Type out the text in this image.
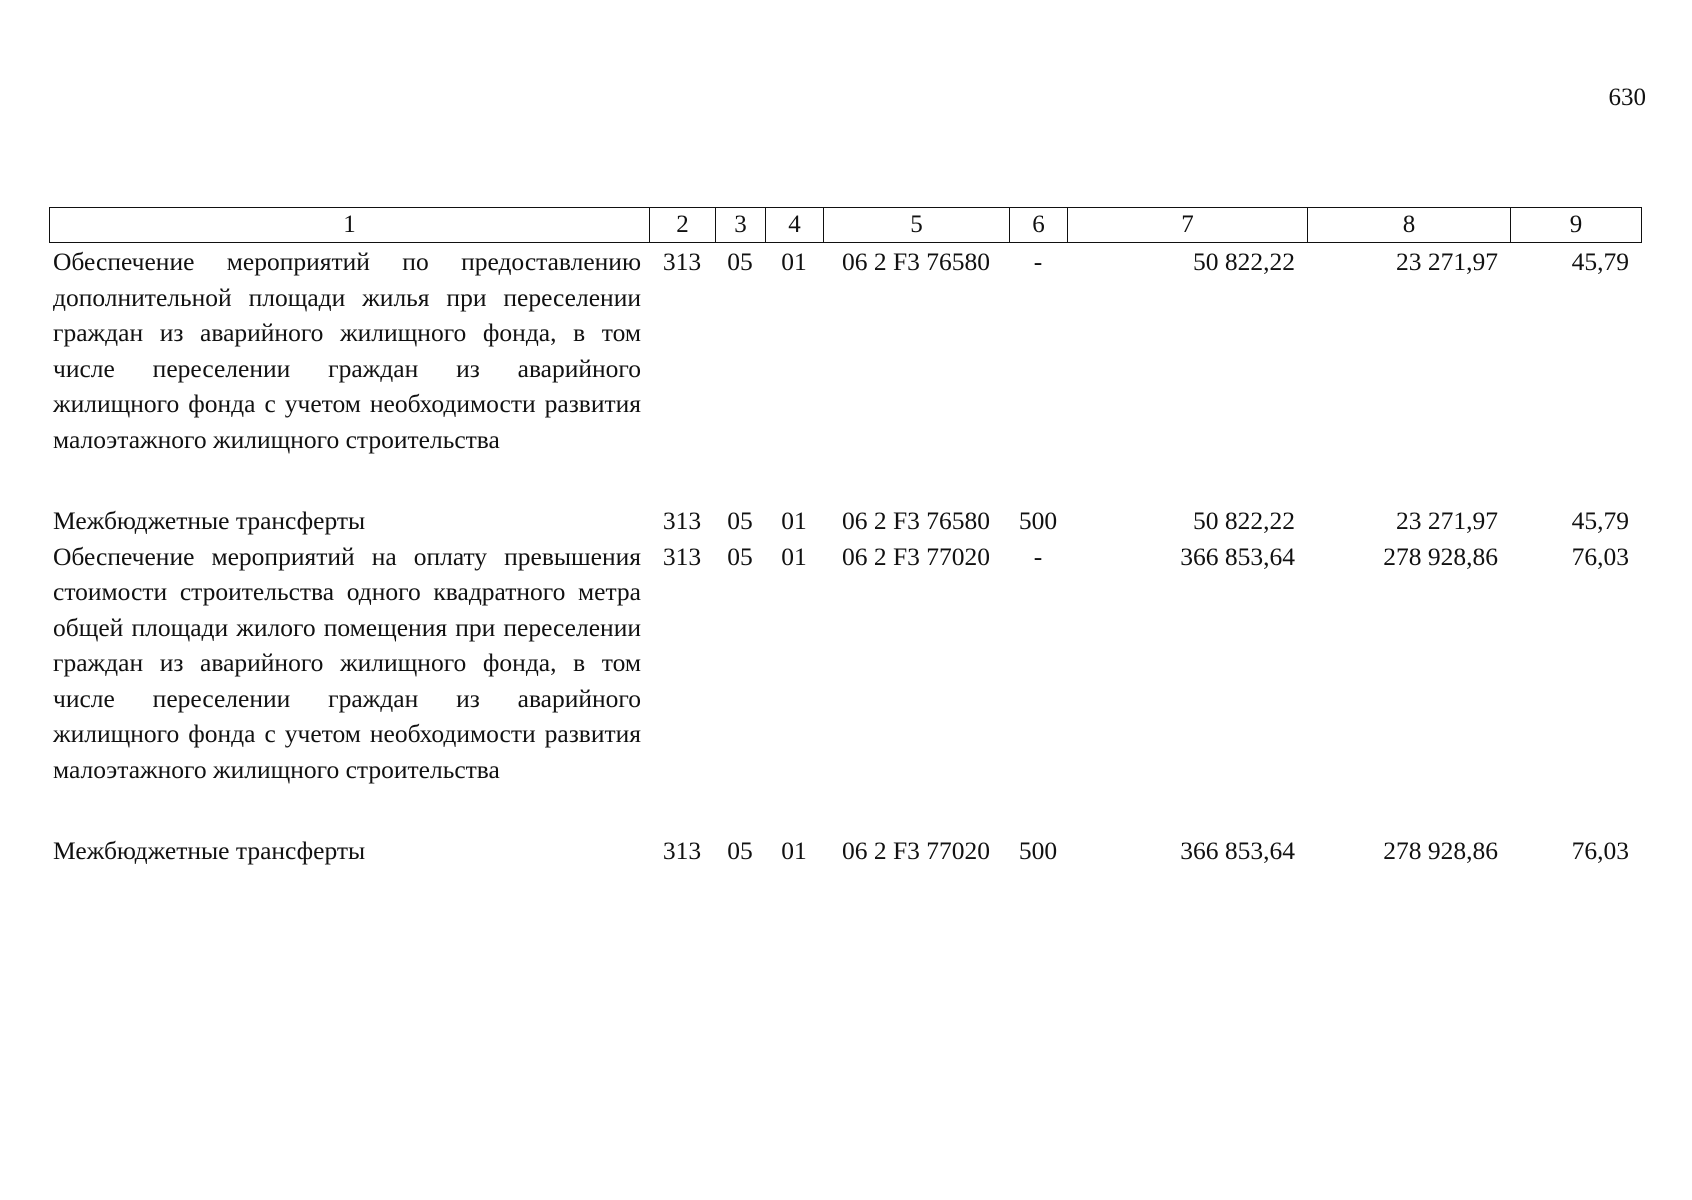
630
1	2	3	4	5	6	7	8	9
Обеспечение мероприятий по предоставлению дополнительной площади жилья при переселении граждан из аварийного жилищного фонда, в том числе переселении граждан из аварийного жилищного фонда с учетом необходимости развития малоэтажного жилищного строительства	313	05	01	06 2 F3 76580	-	50 822,22	23 271,97	45,79

Межбюджетные трансферты	313	05	01	06 2 F3 76580	500	50 822,22	23 271,97	45,79
Обеспечение мероприятий на оплату превышения стоимости строительства одного квадратного метра общей площади жилого помещения при переселении граждан из аварийного жилищного фонда, в том числе переселении граждан из аварийного жилищного фонда с учетом необходимости развития малоэтажного жилищного строительства	313	05	01	06 2 F3 77020	-	366 853,64	278 928,86	76,03

Межбюджетные трансферты	313	05	01	06 2 F3 77020	500	366 853,64	278 928,86	76,03
